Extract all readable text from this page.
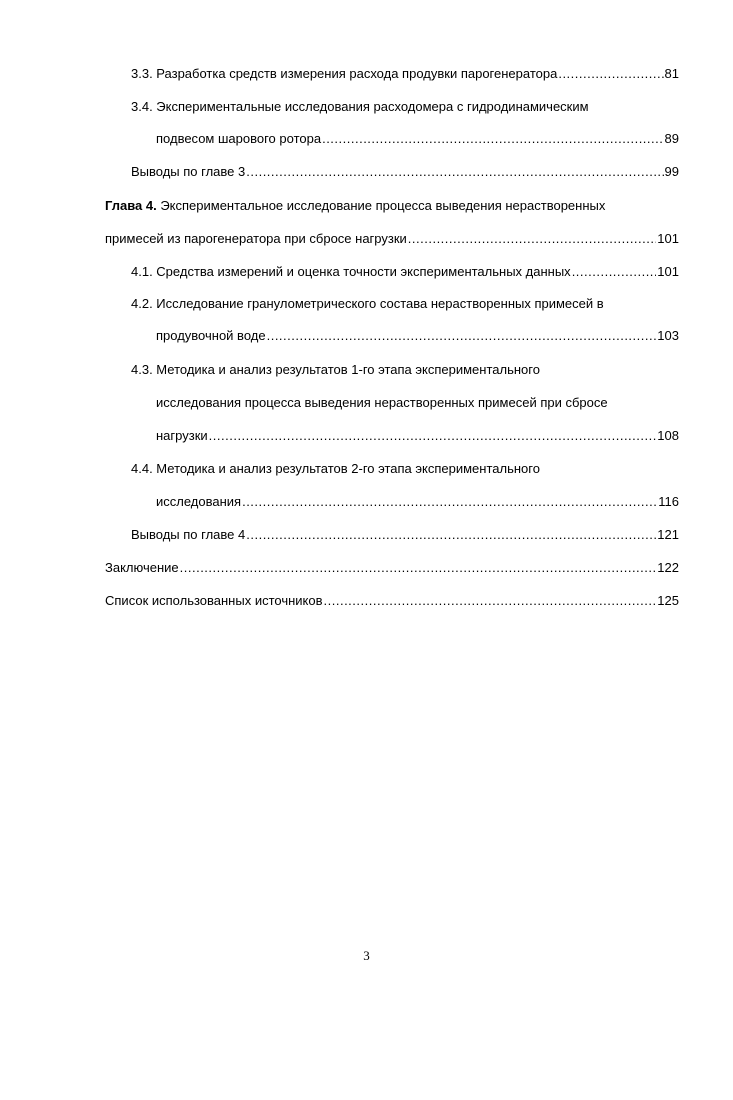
3.3. Разработка средств измерения расхода продувки парогенератора .....	81
3.4. Экспериментальные исследования расходомера с гидродинамическим
подвесом шарового ротора .....	89
Выводы по главе 3 .....	99
Глава 4. Экспериментальное исследование процесса выведения нерастворенных
примесей из парогенератора при сбросе нагрузки .....	101
4.1. Средства измерений и оценка точности экспериментальных данных .....	101
4.2. Исследование гранулометрического состава нерастворенных примесей в
продувочной воде .....	103
4.3. Методика и анализ результатов 1-го этапа экспериментального
исследования процесса выведения нерастворенных примесей при сбросе
нагрузки .....	108
4.4. Методика и анализ результатов 2-го этапа экспериментального
исследования .....	116
Выводы по главе 4 .....	121
Заключение .....	122
Список использованных источников .....	125
3
